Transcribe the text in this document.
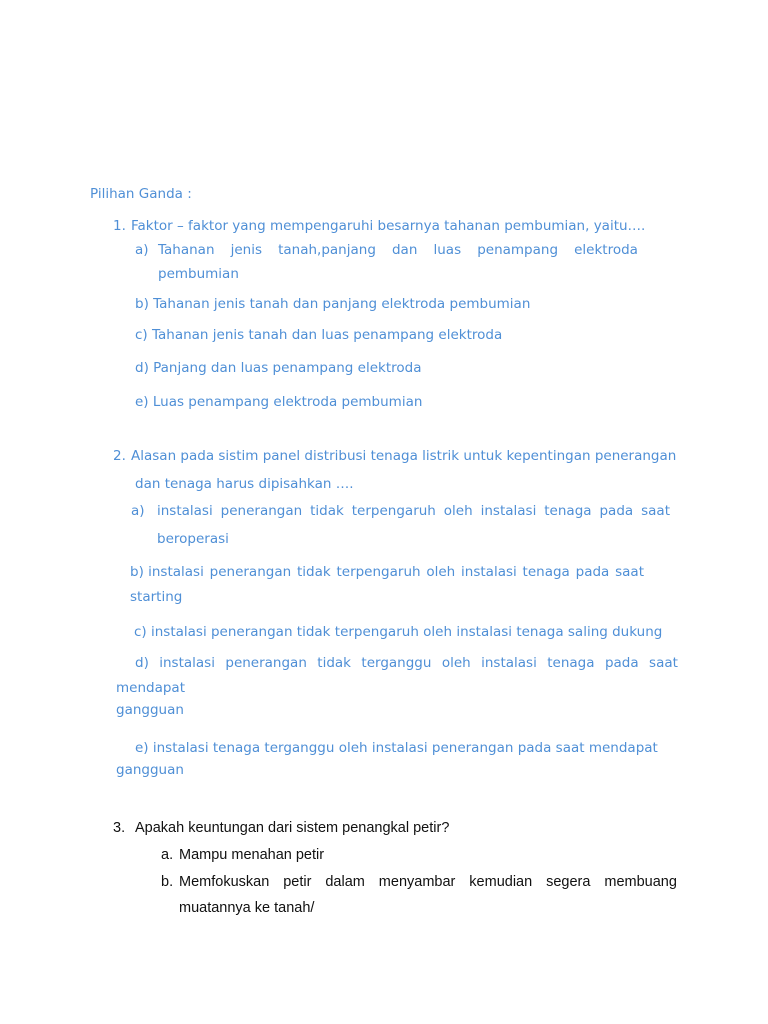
Pilihan Ganda :

1. Faktor – faktor yang mempengaruhi besarnya tahanan pembumian, yaitu….

a) Tahanan jenis tanah,panjang dan luas penampang elektroda

pembumian

b) Tahanan jenis tanah dan panjang elektroda pembumian

c) Tahanan jenis tanah dan luas penampang elektroda

d) Panjang dan luas penampang elektroda

e) Luas penampang elektroda pembumian

2. Alasan pada sistim panel distribusi tenaga listrik untuk kepentingan penerangan

dan tenaga harus dipisahkan ….

a) instalasi penerangan tidak terpengaruh oleh instalasi tenaga pada saat

beroperasi

b) instalasi penerangan tidak terpengaruh oleh instalasi tenaga pada saat

starting

c) instalasi penerangan tidak terpengaruh oleh instalasi tenaga saling dukung

d) instalasi penerangan tidak terganggu oleh instalasi tenaga pada saat

mendapat

gangguan

e) instalasi tenaga terganggu oleh instalasi penerangan pada saat mendapat

gangguan

3. Apakah keuntungan dari sistem penangkal petir?

a. Mampu menahan petir

b. Memfokuskan petir dalam menyambar kemudian segera membuang

muatannya ke tanah/
